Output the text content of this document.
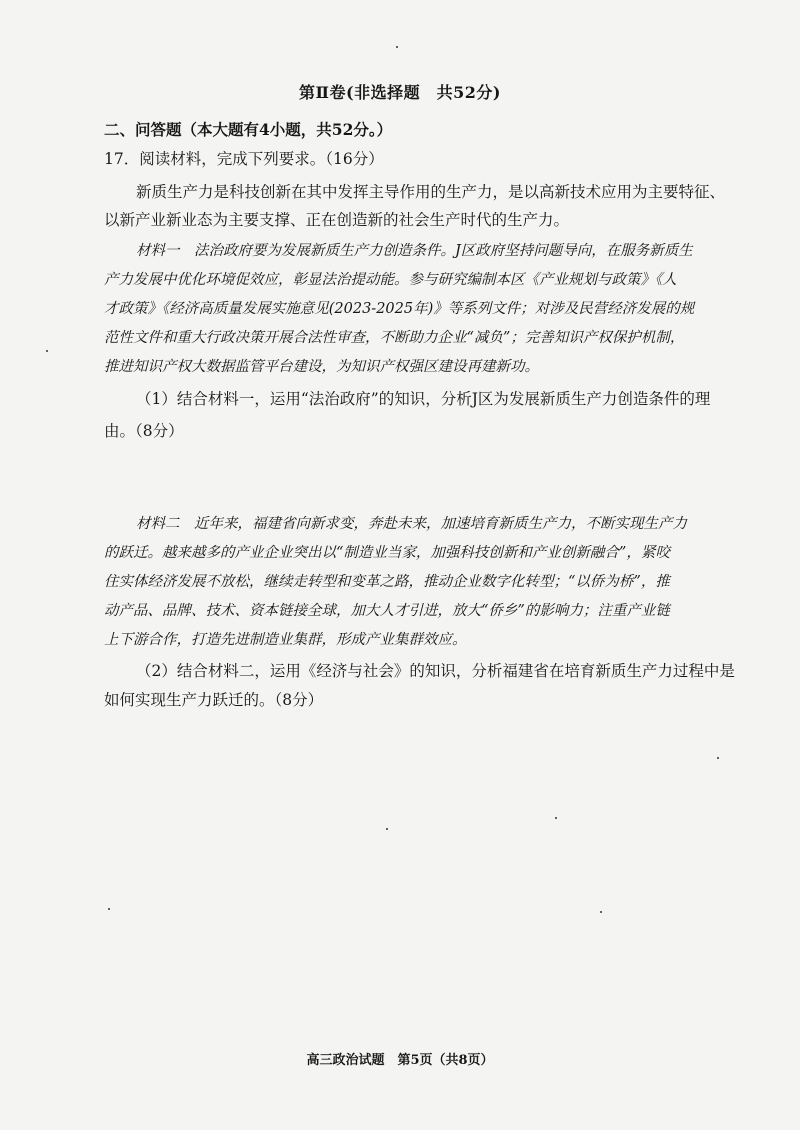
第Ⅱ卷(非选择题　共52分)
二、问答题（本大题有4小题，共52分。）
17．阅读材料，完成下列要求。（16分）
新质生产力是科技创新在其中发挥主导作用的生产力，是以高新技术应用为主要特征、
以新产业新业态为主要支撑、正在创造新的社会生产时代的生产力。
材料一　法治政府要为发展新质生产力创造条件。J区政府坚持问题导向，在服务新质生
产力发展中优化环境促效应，彰显法治提动能。参与研究编制本区《产业规划与政策》《人
才政策》《经济高质量发展实施意见(2023-2025年)》等系列文件；对涉及民营经济发展的规
范性文件和重大行政决策开展合法性审查，不断助力企业“减负”；完善知识产权保护机制，
推进知识产权大数据监管平台建设，为知识产权强区建设再建新功。
（1）结合材料一，运用“法治政府”的知识，分析J区为发展新质生产力创造条件的理
由。（8分）
材料二　近年来，福建省向新求变，奔赴未来，加速培育新质生产力，不断实现生产力
的跃迁。越来越多的产业企业突出以“制造业当家，加强科技创新和产业创新融合”，紧咬
住实体经济发展不放松，继续走转型和变革之路，推动企业数字化转型；“以侨为桥”，推
动产品、品牌、技术、资本链接全球，加大人才引进，放大“侨乡”的影响力；注重产业链
上下游合作，打造先进制造业集群，形成产业集群效应。
（2）结合材料二，运用《经济与社会》的知识，分析福建省在培育新质生产力过程中是
如何实现生产力跃迁的。（8分）
高三政治试题　第5页（共8页）
